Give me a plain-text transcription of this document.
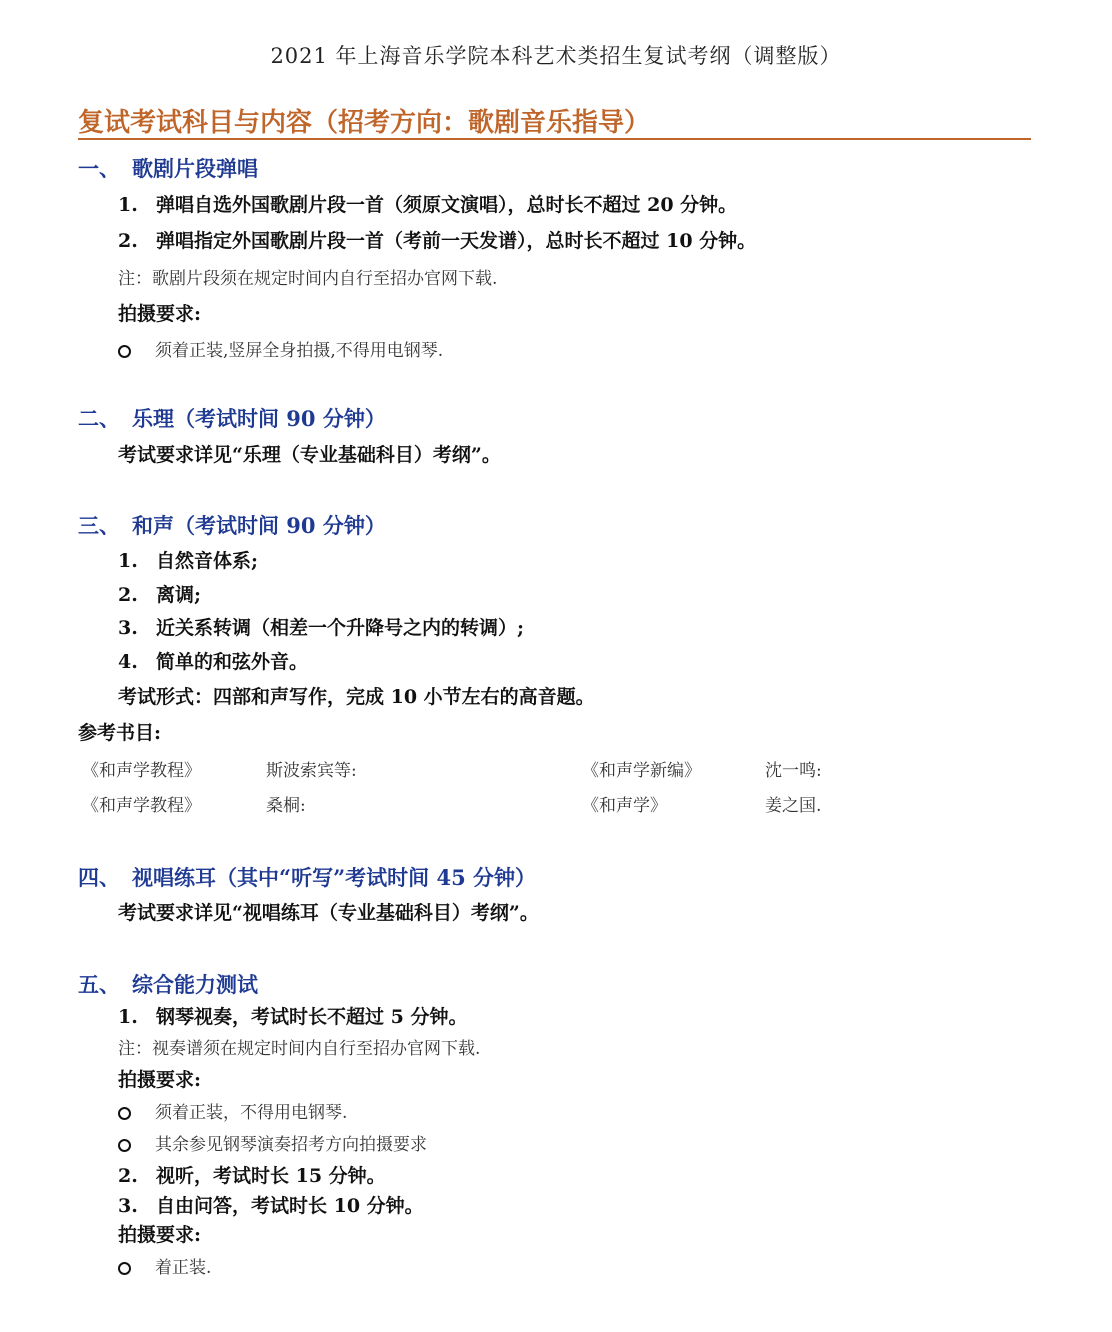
2021 年上海音乐学院本科艺术类招生复试考纲（调整版）
复试考试科目与内容（招考方向：歌剧音乐指导）
一、 歌剧片段弹唱
1. 弹唱自选外国歌剧片段一首（须原文演唱），总时长不超过 20 分钟。
2. 弹唱指定外国歌剧片段一首（考前一天发谱），总时长不超过 10 分钟。
注：歌剧片段须在规定时间内自行至招办官网下载.
拍摄要求:
须着正装,竖屏全身拍摄,不得用电钢琴.
二、 乐理（考试时间 90 分钟）
考试要求详见“乐理（专业基础科目）考纲”。
三、 和声（考试时间 90 分钟）
1. 自然音体系;
2. 离调;
3. 近关系转调（相差一个升降号之内的转调）;
4. 简单的和弦外音。
考试形式：四部和声写作，完成 10 小节左右的高音题。
参考书目:
《和声学教程》	斯波索宾等:	《和声学新编》	沈一鸣:
《和声学教程》	桑桐:	《和声学》	姜之国.
四、 视唱练耳（其中“听写”考试时间 45 分钟）
考试要求详见“视唱练耳（专业基础科目）考纲”。
五、 综合能力测试
1. 钢琴视奏，考试时长不超过 5 分钟。
注：视奏谱须在规定时间内自行至招办官网下载.
拍摄要求:
须着正装，不得用电钢琴.
其余参见钢琴演奏招考方向拍摄要求
2. 视听，考试时长 15 分钟。
3. 自由问答，考试时长 10 分钟。
拍摄要求:
着正装.
